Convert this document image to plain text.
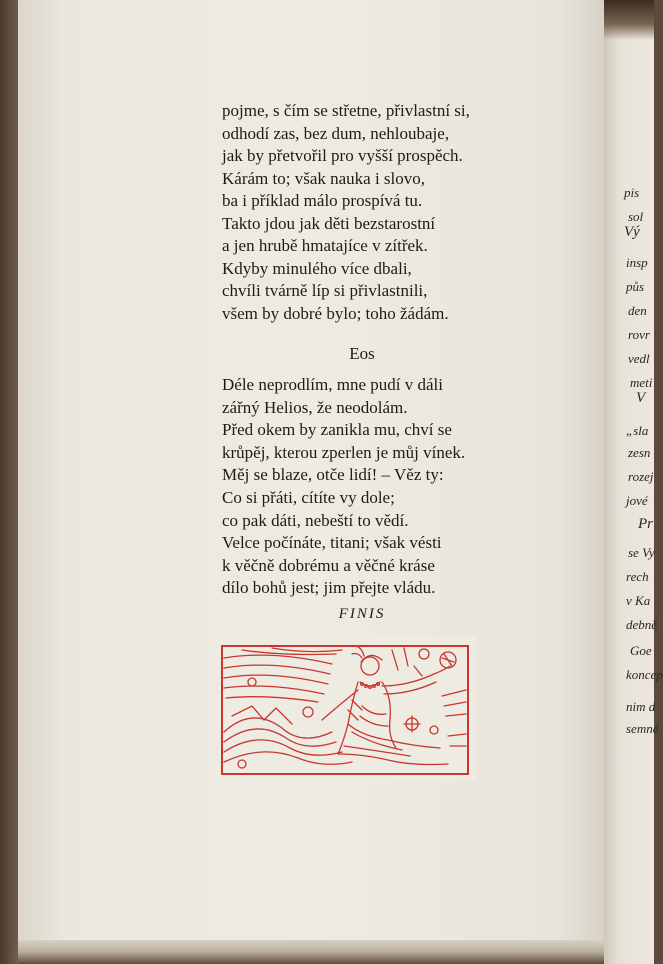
pis
sol
Vý
insp
půs
den
rovr
vedl
meti
V
„sla
zesn
rozej
jové
Pr
se Vy
rech
v Ka
debně
Goe
koncep
nim d
semné
pojme, s čím se střetne, přivlastní si,
odhodí zas, bez dum, nehloubaje,
jak by přetvořil pro vyšší prospěch.
Kárám to; však nauka i slovo,
ba i příklad málo prospívá tu.
Takto jdou jak děti bezstarostní
a jen hrubě hmatajíce v zítřek.
Kdyby minulého více dbali,
chvíli tvárně líp si přivlastnili,
všem by dobré bylo; toho žádám.
Eos
Déle neprodlím, mne pudí v dáli
zářný Helios, že neodolám.
Před okem by zanikla mu, chví se
krůpěj, kterou zperlen je můj vínek.
Měj se blaze, otče lidí! – Věz ty:
Co si přáti, cítíte vy dole;
co pak dáti, nebeští to vědí.
Velce počínáte, titani; však vésti
k věčně dobrému a věčné kráse
dílo bohů jest; jim přejte vládu.
FINIS
